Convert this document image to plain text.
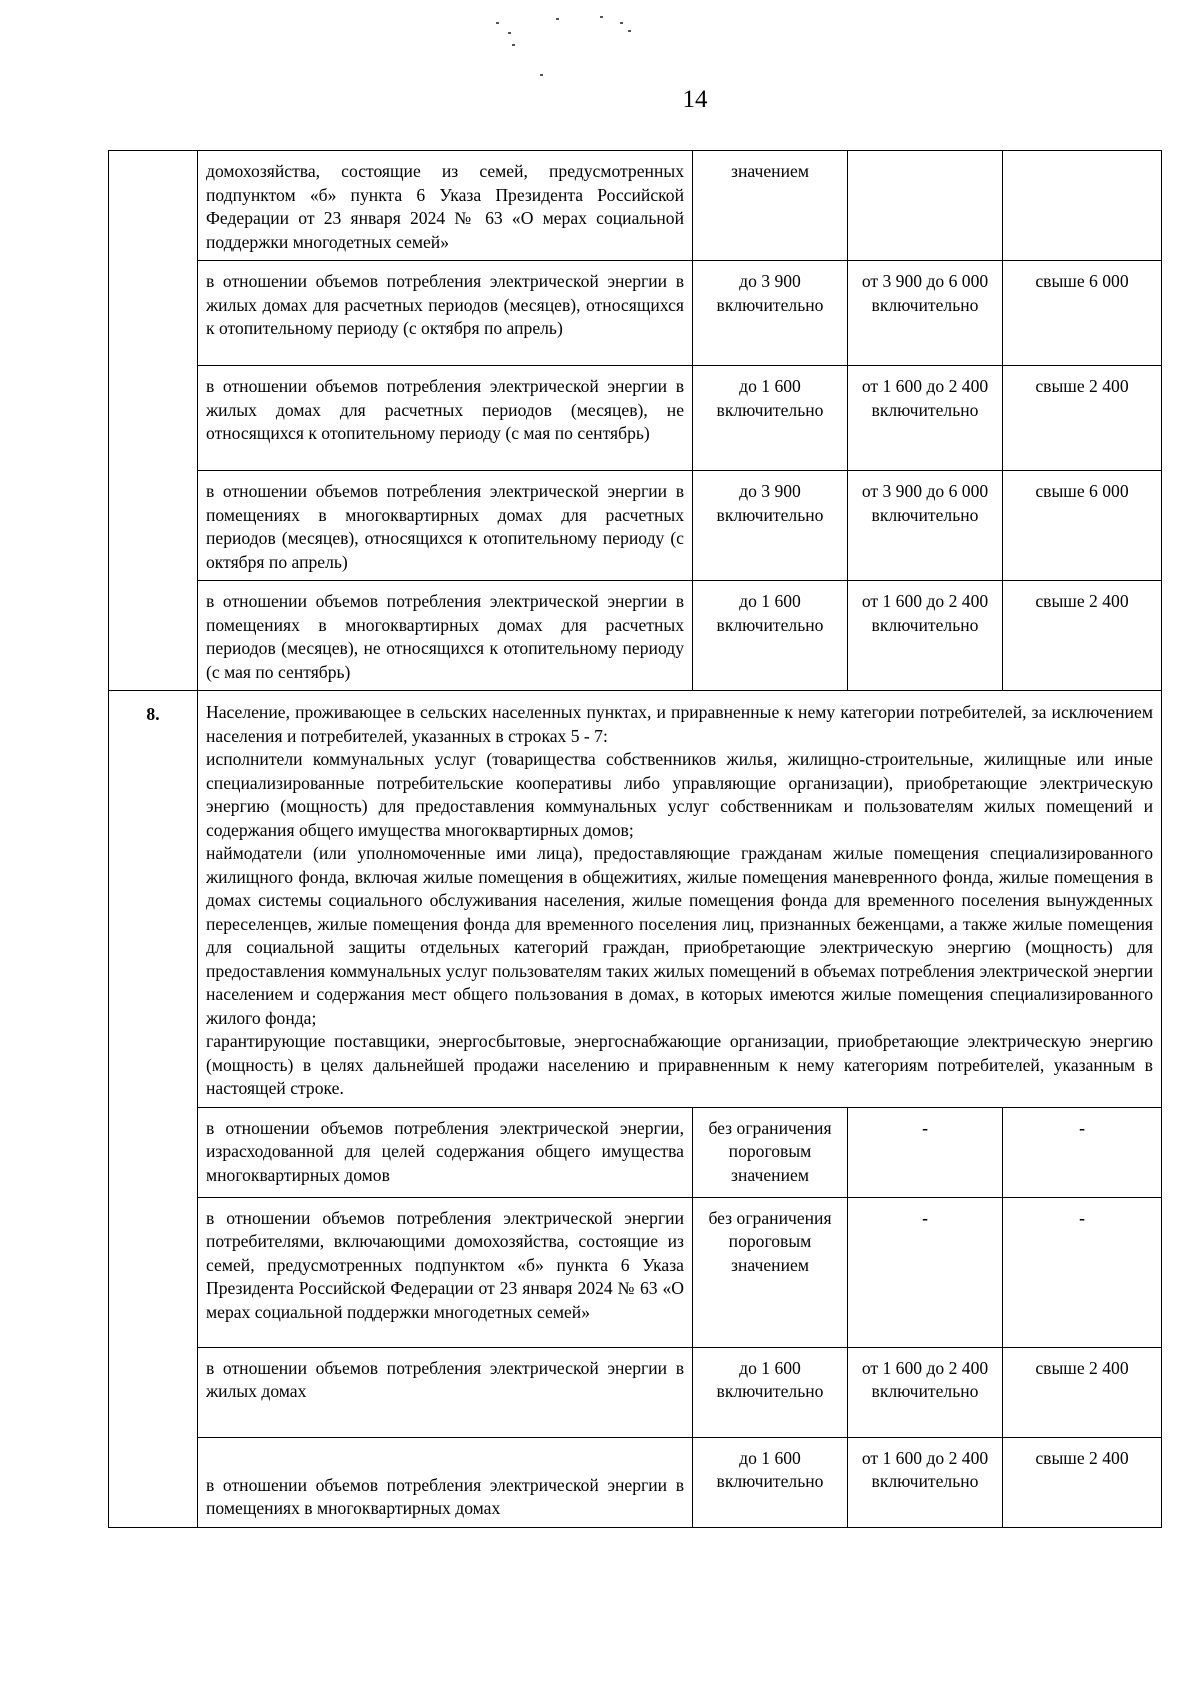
14
	домохозяйства, состоящие из семей, предусмотренных подпунктом «б» пункта 6 Указа Президента Российской Федерации от 23 января 2024 № 63 «О мерах социальной поддержки многодетных семей»	значением		
	в отношении объемов потребления электрической энергии в жилых домах для расчетных периодов (месяцев), относящихся к отопительному периоду (с октября по апрель)	до 3 900 включительно	от 3 900 до 6 000 включительно	свыше 6 000
	в отношении объемов потребления электрической энергии в жилых домах для расчетных периодов (месяцев), не относящихся к отопительному периоду (с мая по сентябрь)	до 1 600 включительно	от 1 600 до 2 400 включительно	свыше 2 400
	в отношении объемов потребления электрической энергии в помещениях в многоквартирных домах для расчетных периодов (месяцев), относящихся к отопительному периоду (с октября по апрель)	до 3 900 включительно	от 3 900 до 6 000 включительно	свыше 6 000
	в отношении объемов потребления электрической энергии в помещениях в многоквартирных домах для расчетных периодов (месяцев), не относящихся к отопительному периоду (с мая по сентябрь)	до 1 600 включительно	от 1 600 до 2 400 включительно	свыше 2 400
8.	Население, проживающее в сельских населенных пунктах, и приравненные к нему категории потребителей, за исключением населения и потребителей, указанных в строках 5 - 7:
исполнители коммунальных услуг (товарищества собственников жилья, жилищно-строительные, жилищные или иные специализированные потребительские кооперативы либо управляющие организации), приобретающие электрическую энергию (мощность) для предоставления коммунальных услуг собственникам и пользователям жилых помещений и содержания общего имущества многоквартирных домов;
наймодатели (или уполномоченные ими лица), предоставляющие гражданам жилые помещения специализированного жилищного фонда, включая жилые помещения в общежитиях, жилые помещения маневренного фонда, жилые помещения в домах системы социального обслуживания населения, жилые помещения фонда для временного поселения вынужденных переселенцев, жилые помещения фонда для временного поселения лиц, признанных беженцами, а также жилые помещения для социальной защиты отдельных категорий граждан, приобретающие электрическую энергию (мощность) для предоставления коммунальных услуг пользователям таких жилых помещений в объемах потребления электрической энергии населением и содержания мест общего пользования в домах, в которых имеются жилые помещения специализированного жилого фонда;
гарантирующие поставщики, энергосбытовые, энергоснабжающие организации, приобретающие электрическую энергию (мощность) в целях дальнейшей продажи населению и приравненным к нему категориям потребителей, указанным в настоящей строке.			

	в отношении объемов потребления электрической энергии, израсходованной для целей содержания общего имущества многоквартирных домов	без ограничения пороговым значением	-	-
	в отношении объемов потребления электрической энергии потребителями, включающими домохозяйства, состоящие из семей, предусмотренных подпунктом «б» пункта 6 Указа Президента Российской Федерации от 23 января 2024 № 63 «О мерах социальной поддержки многодетных семей»	без ограничения пороговым значением	-	-
	в отношении объемов потребления электрической энергии в жилых домах	до 1 600 включительно	от 1 600 до 2 400 включительно	свыше 2 400
	в отношении объемов потребления электрической энергии в помещениях в многоквартирных домах	до 1 600 включительно	от 1 600 до 2 400 включительно	свыше 2 400
